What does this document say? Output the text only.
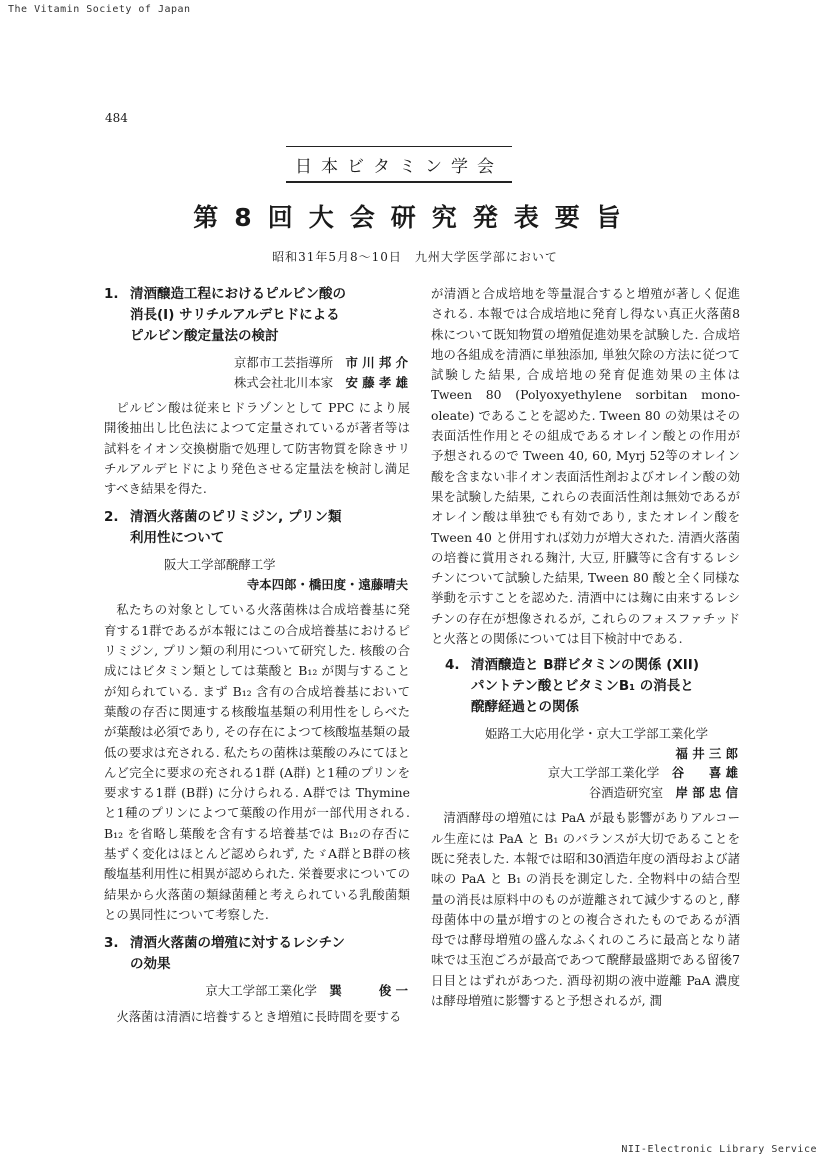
The Vitamin Society of Japan
484
日本ビタミン学会
第8回大会研究発表要旨
昭和31年5月8〜10日　九州大学医学部において
1. 清酒醸造工程におけるピルビン酸の
消長(I) サリチルアルデヒドによる
ピルビン酸定量法の検討
京都市工芸指導所　 市 川 邦 介
株式会社北川本家　 安 藤 孝 雄

ピルビン酸は従来ヒドラゾンとして PPC により展開後抽出し比色法によつて定量されているが著者等は試料をイオン交換樹脂で処理して防害物質を除きサリチルアルデヒドにより発色させる定量法を検討し満足すべき結果を得た.

2. 清酒火落菌のピリミジン, プリン類
利用性について
阪大工学部醗酵工学
寺本四郎・橋田度・遠藤晴夫

私たちの対象としている火落菌株は合成培養基に発育する1群であるが本報にはこの合成培養基におけるピリミジン, プリン類の利用について研究した. 核酸の合成にはビタミン類としては葉酸と B₁₂ が関与することが知られている. まず B₁₂ 含有の合成培養基において葉酸の存否に関連する核酸塩基類の利用性をしらべたが葉酸は必須であり, その存在によつて核酸塩基類の最低の要求は充される. 私たちの菌株は葉酸のみにてほとんど完全に要求の充される1群 (A群) と1種のプリンを要求する1群 (B群) に分けられる. A群では Thymine と1種のプリンによつて葉酸の作用が一部代用される. B₁₂ を省略し葉酸を含有する培養基では B₁₂の存否に基ずく変化はほとんど認められず, たゞA群とB群の核酸塩基利用性に相異が認められた. 栄養要求についての結果から火落菌の類縁菌種と考えられている乳酸菌類との異同性について考察した.

3. 清酒火落菌の増殖に対するレシチン
の効果
京大工学部工業化学　 巽　　　俊 一

火落菌は清酒に培養するとき増殖に長時間を要する

が清酒と合成培地を等量混合すると増殖が著しく促進される. 本報では合成培地に発育し得ない真正火落菌8株について既知物質の増殖促進効果を試験した. 合成培地の各組成を清酒に単独添加, 単独欠除の方法に従つて試験した結果, 合成培地の発育促進効果の主体は Tween 80 (Polyoxyethylene sorbitan mono-oleate) であることを認めた. Tween 80 の効果はその表面活性作用とその組成であるオレイン酸との作用が予想されるので Tween 40, 60, Myrj 52等のオレイン酸を含まない非イオン表面活性剤およびオレイン酸の効果を試験した結果, これらの表面活性剤は無効であるがオレイン酸は単独でも有効であり, またオレイン酸を Tween 40 と併用すれば効力が増大された. 清酒火落菌の培養に賞用される麹汁, 大豆, 肝臓等に含有するレシチンについて試験した結果, Tween 80 酸と全く同様な挙動を示すことを認めた. 清酒中には麹に由来するレシチンの存在が想像されるが, これらのフォスファチッドと火落との関係については目下検討中である.

4. 清酒醸造と B群ビタミンの関係 (XII)
パントテン酸とビタミンB₁ の消長と
醗酵経過との関係
姫路工大応用化学・京大工学部工業化学
福 井 三 郎
京大工学部工業化学　 谷　　喜 雄
谷酒造研究室　 岸 部 忠 信

清酒酵母の増殖には PaA が最も影響がありアルコール生産には PaA と B₁ のバランスが大切であることを既に発表した. 本報では昭和30酒造年度の酒母および諸味の PaA と B₁ の消長を測定した. 全物料中の結合型量の消長は原料中のものが遊離されて減少するのと, 酵母菌体中の量が増すのとの複合されたものであるが酒母では酵母増殖の盛んなふくれのころに最高となり諸味では玉泡ごろが最高であつて醗酵最盛期である留後7日目とはずれがあつた. 酒母初期の液中遊離 PaA 濃度は酵母増殖に影響すると予想されるが, 潤

NII-Electronic Library Service
